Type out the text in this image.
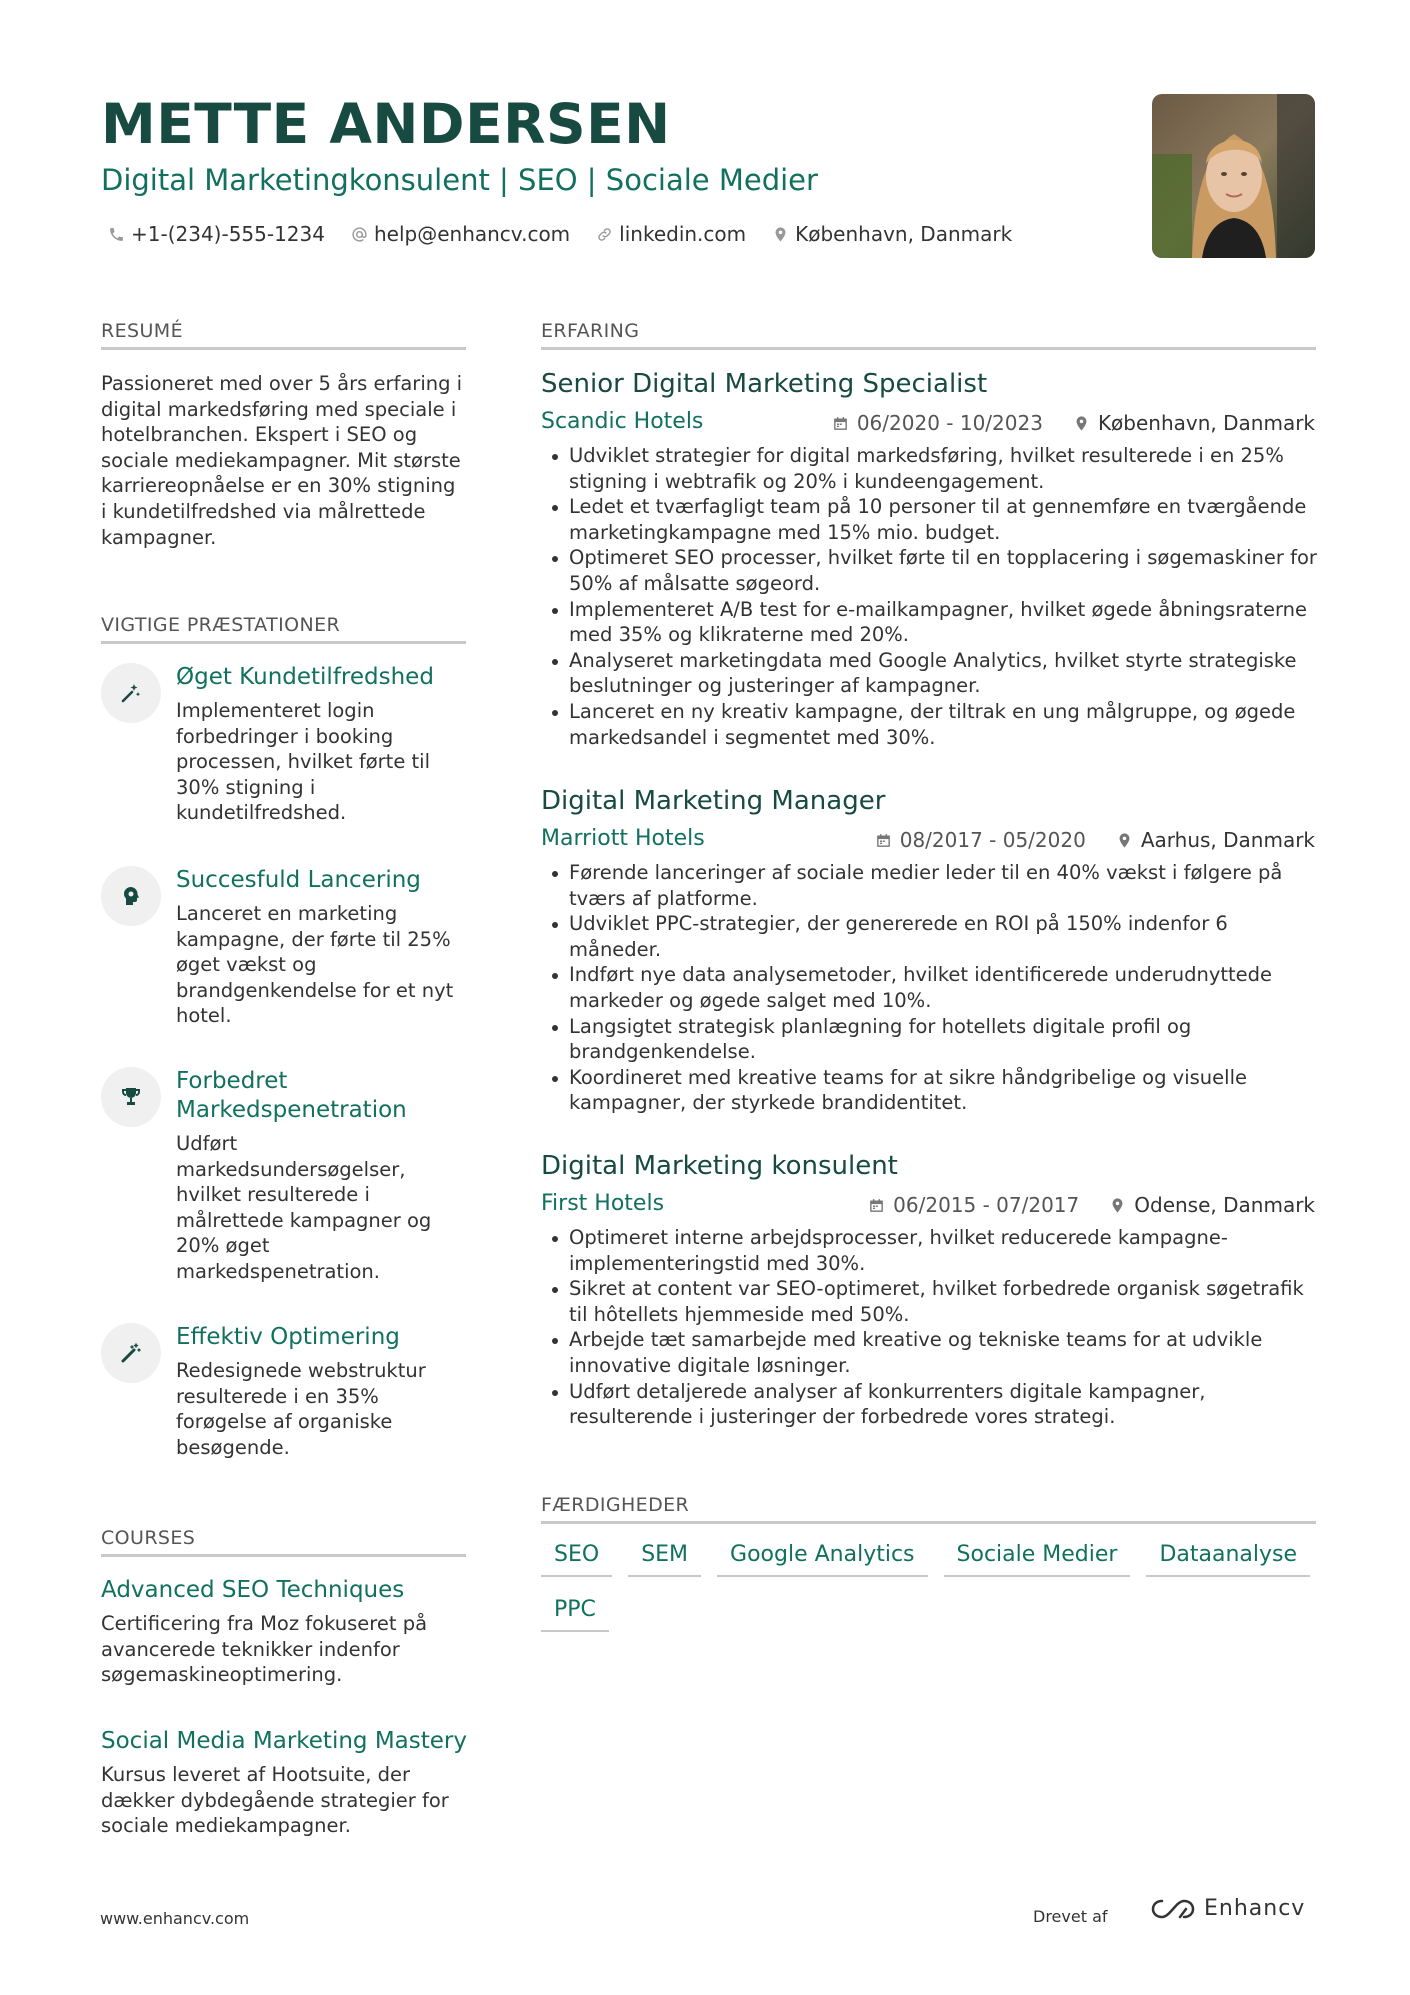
METTE ANDERSEN
Digital Marketingkonsulent | SEO | Sociale Medier
+1-(234)-555-1234 help@enhancv.com linkedin.com København, Danmark
RESUMÉ
Passioneret med over 5 års erfaring i digital markedsføring med speciale i hotelbranchen. Ekspert i SEO og sociale mediekampagner. Mit største karriereopnåelse er en 30% stigning i kundetilfredshed via målrettede kampagner.
VIGTIGE PRÆSTATIONER
Øget Kundetilfredshed
Implementeret login forbedringer i booking processen, hvilket førte til 30% stigning i kundetilfredshed.
Succesfuld Lancering
Lanceret en marketing kampagne, der førte til 25% øget vækst og brandgenkendelse for et nyt hotel.
Forbedret Markedspenetration
Udført markedsundersøgelser, hvilket resulterede i målrettede kampagner og 20% øget markedspenetration.
Effektiv Optimering
Redesignede webstruktur resulterede i en 35% forøgelse af organiske besøgende.
COURSES
Advanced SEO Techniques
Certificering fra Moz fokuseret på avancerede teknikker indenfor søgemaskineoptimering.
Social Media Marketing Mastery
Kursus leveret af Hootsuite, der dækker dybdegående strategier for sociale mediekampagner.
ERFARING
Senior Digital Marketing Specialist
Scandic Hotels	06/2020 - 10/2023	København, Danmark
Udviklet strategier for digital markedsføring, hvilket resulterede i en 25% stigning i webtrafik og 20% i kundeengagement.
Ledet et tværfagligt team på 10 personer til at gennemføre en tværgående marketingkampagne med 15% mio. budget.
Optimeret SEO processer, hvilket førte til en topplacering i søgemaskiner for 50% af målsatte søgeord.
Implementeret A/B test for e-mailkampagner, hvilket øgede åbningsraterne med 35% og klikraterne med 20%.
Analyseret marketingdata med Google Analytics, hvilket styrte strategiske beslutninger og justeringer af kampagner.
Lanceret en ny kreativ kampagne, der tiltrak en ung målgruppe, og øgede markedsandel i segmentet med 30%.
Digital Marketing Manager
Marriott Hotels	08/2017 - 05/2020	Aarhus, Danmark
Førende lanceringer af sociale medier leder til en 40% vækst i følgere på tværs af platforme.
Udviklet PPC-strategier, der genererede en ROI på 150% indenfor 6 måneder.
Indført nye data analysemetoder, hvilket identificerede underudnyttede markeder og øgede salget med 10%.
Langsigtet strategisk planlægning for hotellets digitale profil og brandgenkendelse.
Koordineret med kreative teams for at sikre håndgribelige og visuelle kampagner, der styrkede brandidentitet.
Digital Marketing konsulent
First Hotels	06/2015 - 07/2017	Odense, Danmark
Optimeret interne arbejdsprocesser, hvilket reducerede kampagne-implementeringstid med 30%.
Sikret at content var SEO-optimeret, hvilket forbedrede organisk søgetrafik til hôtellets hjemmeside med 50%.
Arbejde tæt samarbejde med kreative og tekniske teams for at udvikle innovative digitale løsninger.
Udført detaljerede analyser af konkurrenters digitale kampagner, resulterende i justeringer der forbedrede vores strategi.
FÆRDIGHEDER
SEO	SEM	Google Analytics	Sociale Medier	Dataanalyse
PPC
www.enhancv.com	Drevet af	Enhancv
